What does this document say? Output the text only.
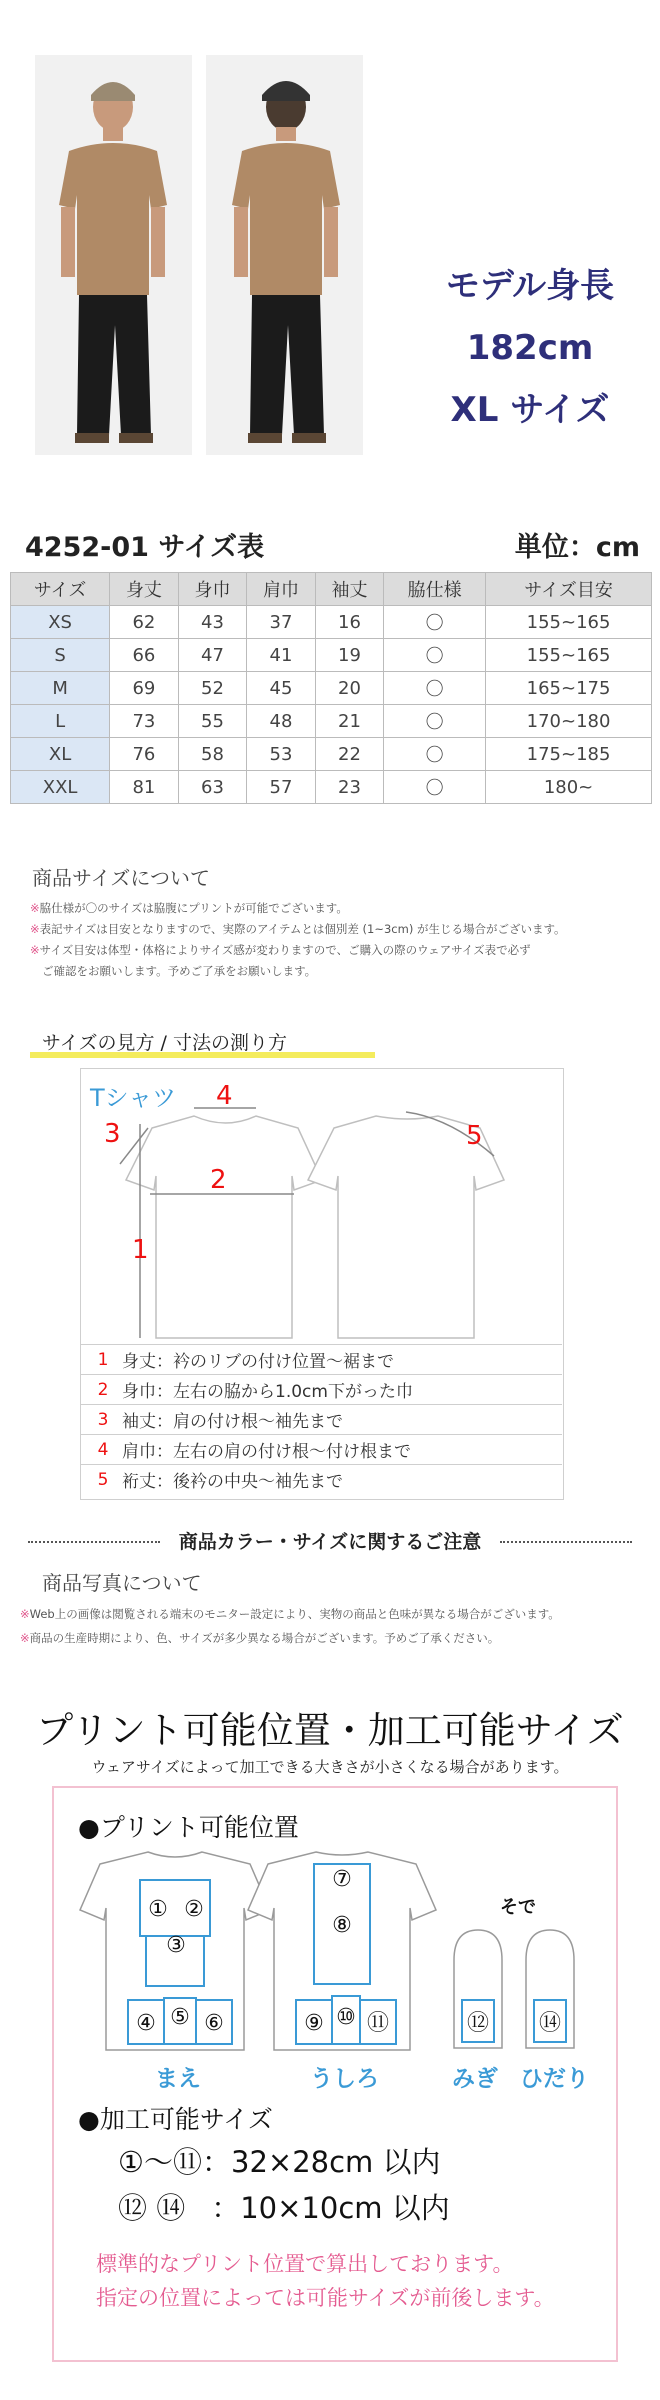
モデル身長
182cm
XL サイズ
4252-01 サイズ表	単位：cm
サイズ	身丈	身巾	肩巾	袖丈	脇仕様	サイズ目安
XS	62	43	37	16	〇	155~165
S	66	47	41	19	〇	155~165
M	69	52	45	20	〇	165~175
L	73	55	48	21	〇	170~180
XL	76	58	53	22	〇	175~185
XXL	81	63	57	23	〇	180~
商品サイズについて
※脇仕様が〇のサイズは脇腹にプリントが可能でございます。
※表記サイズは目安となりますので、実際のアイテムとは個別差 (1~3cm) が生じる場合がございます。
※サイズ目安は体型・体格によりサイズ感が変わりますので、ご購入の際のウェアサイズ表で必ず
ご確認をお願いします。予めご了承をお願いします。
サイズの見方 / 寸法の測り方
Tシャツ
1
2
3
4
5
1 身丈：衿のリブの付け位置～裾まで
2 身巾：左右の脇から1.0cm下がった巾
3 袖丈：肩の付け根～袖先まで
4 肩巾：左右の肩の付け根～付け根まで
5 裄丈：後衿の中央～袖先まで
商品カラー・サイズに関するご注意
商品写真について
※Web上の画像は閲覧される端末のモニター設定により、実物の商品と色味が異なる場合がございます。
※商品の生産時期により、色、サイズが多少異なる場合がございます。予めご了承ください。
プリント可能位置・加工可能サイズ
ウェアサイズによって加工できる大きさが小さくなる場合があります。
●プリント可能位置
① ②
③
④ ⑤ ⑥
⑦
⑧
⑨ ⑩ ⑪	⑫ ⑭
そで
まえ	うしろ	みぎ ひだり
●加工可能サイズ
①～⑪：32×28cm 以内
⑫ ⑭ ：10×10cm 以内
標準的なプリント位置で算出しております。
指定の位置によっては可能サイズが前後します。
